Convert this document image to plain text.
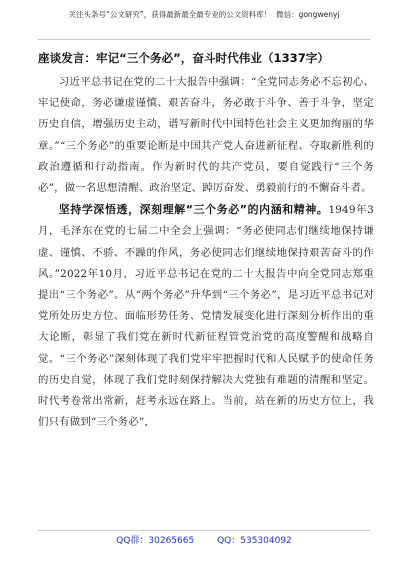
关注头条号“公文研究”，获得最新最全最专业的公文资料库！ 微信：gongwenyj
座谈发言：牢记“三个务必”，奋斗时代伟业（1337字）

习近平总书记在党的二十大报告中强调：“全党同志务必不忘初心、牢记使命，务必谦虚谨慎、艰苦奋斗，务必敢于斗争、善于斗争，坚定历史自信，增强历史主动，谱写新时代中国特色社会主义更加绚丽的华章。”“三个务必”的重要论断是中国共产党人奋进新征程、夺取新胜利的政治遵循和行动指南。作为新时代的共产党员，要自觉践行“三个务必”，做一名思想清醒、政治坚定、踔厉奋发、勇毅前行的不懈奋斗者。

坚持学深悟透，深刻理解“三个务必”的内涵和精神。1949年3月，毛泽东在党的七届二中全会上强调：“务必使同志们继续地保持谦虚、谨慎、不骄、不躁的作风，务必使同志们继续地保持艰苦奋斗的作风。”2022年10月，习近平总书记在党的二十大报告中向全党同志郑重提出“三个务必”。从“两个务必”升华到“三个务必”，是习近平总书记对党所处历史方位、面临形势任务、党情发展变化进行深刻分析作出的重大论断，彰显了我们党在新时代新征程管党治党的高度警醒和战略自觉。“三个务必”深刻体现了我们党牢牢把握时代和人民赋予的使命任务的历史自觉，体现了我们党时刻保持解决大党独有难题的清醒和坚定。时代考卷常出常新，赶考永远在路上。当前，站在新的历史方位上，我们只有做到“三个务必”，

QQ群：30265665	QQ：535304092
